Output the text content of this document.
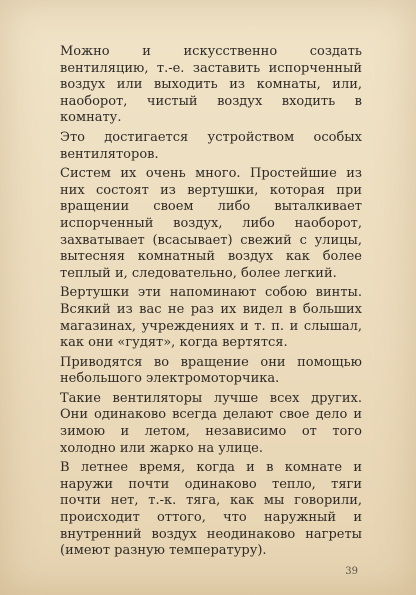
Можно и искусственно создать вентиляцию, т.-е. заставить испорченный воздух или выходить из комнаты, или, наоборот, чистый воздух входить в комнату.

Это достигается устройством особых вентиляторов.

Систем их очень много. Простейшие из них состоят из вертушки, которая при вращении своем либо выталкивает испорченный воздух, либо наоборот, захватывает (всасывает) свежий с улицы, вытесняя комнатный воздух как более теплый и, следовательно, более легкий.

Вертушки эти напоминают собою винты. Всякий из вас не раз их видел в больших магазинах, учреждениях и т. п. и слышал, как они «гудят», когда вертятся.

Приводятся во вращение они помощью небольшого электромоторчика.

Такие вентиляторы лучше всех других. Они одинаково всегда делают свое дело и зимою и летом, независимо от того холодно или жарко на улице.

В летнее время, когда и в комнате и наружи почти одинаково тепло, тяги почти нет, т.-к. тяга, как мы говорили, происходит оттого, что наружный и внутренний воздух неодинаково нагреты (имеют разную температуру).

39
